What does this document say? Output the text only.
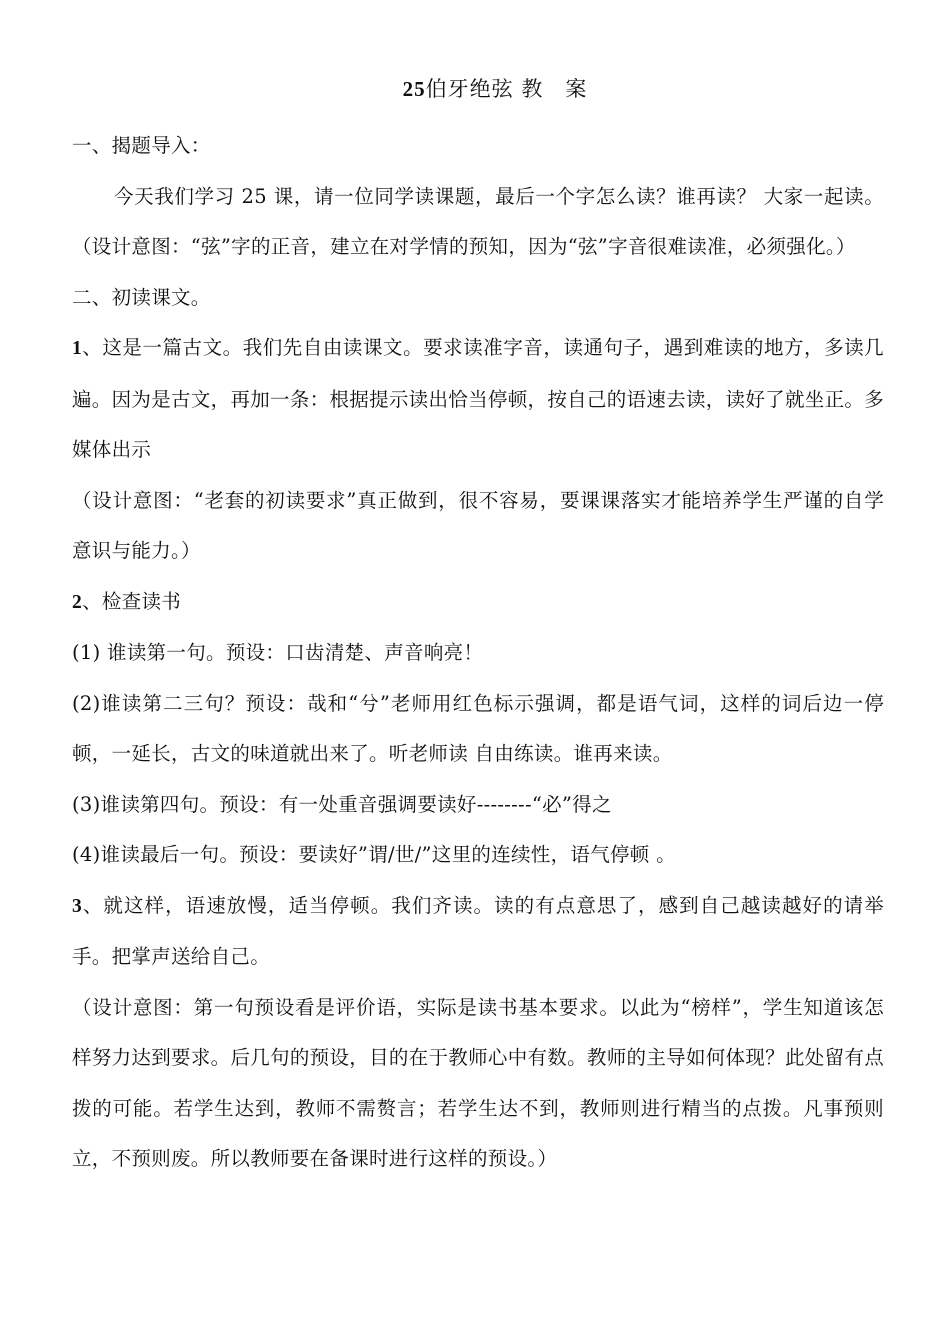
25伯牙绝弦 教　案

一、揭题导入：

今天我们学习 25 课，请一位同学读课题，最后一个字怎么读？谁再读？ 大家一起读。 （设计意图：“弦”字的正音，建立在对学情的预知，因为“弦”字音很难读准，必须强化。）

二、初读课文。

1、这是一篇古文。我们先自由读课文。要求读准字音，读通句子，遇到难读的地方，多读几遍。因为是古文，再加一条：根据提示读出恰当停顿，按自己的语速去读，读好了就坐正。多媒体出示

（设计意图：“老套的初读要求”真正做到，很不容易，要课课落实才能培养学生严谨的自学意识与能力。）

2、检查读书

(1) 谁读第一句。预设：口齿清楚、声音响亮！

(2)谁读第二三句？预设：哉和“兮”老师用红色标示强调，都是语气词，这样的词后边一停顿，一延长，古文的味道就出来了。听老师读 自由练读。谁再来读。

(3)谁读第四句。预设：有一处重音强调要读好--------“必”得之

(4)谁读最后一句。预设：要读好”谓/世/”这里的连续性，语气停顿 。

3、就这样，语速放慢，适当停顿。我们齐读。读的有点意思了，感到自己越读越好的请举手。把掌声送给自己。

（设计意图：第一句预设看是评价语，实际是读书基本要求。以此为“榜样”，学生知道该怎样努力达到要求。后几句的预设，目的在于教师心中有数。教师的主导如何体现？此处留有点拨的可能。若学生达到，教师不需赘言；若学生达不到，教师则进行精当的点拨。凡事预则立，不预则废。所以教师要在备课时进行这样的预设。）
